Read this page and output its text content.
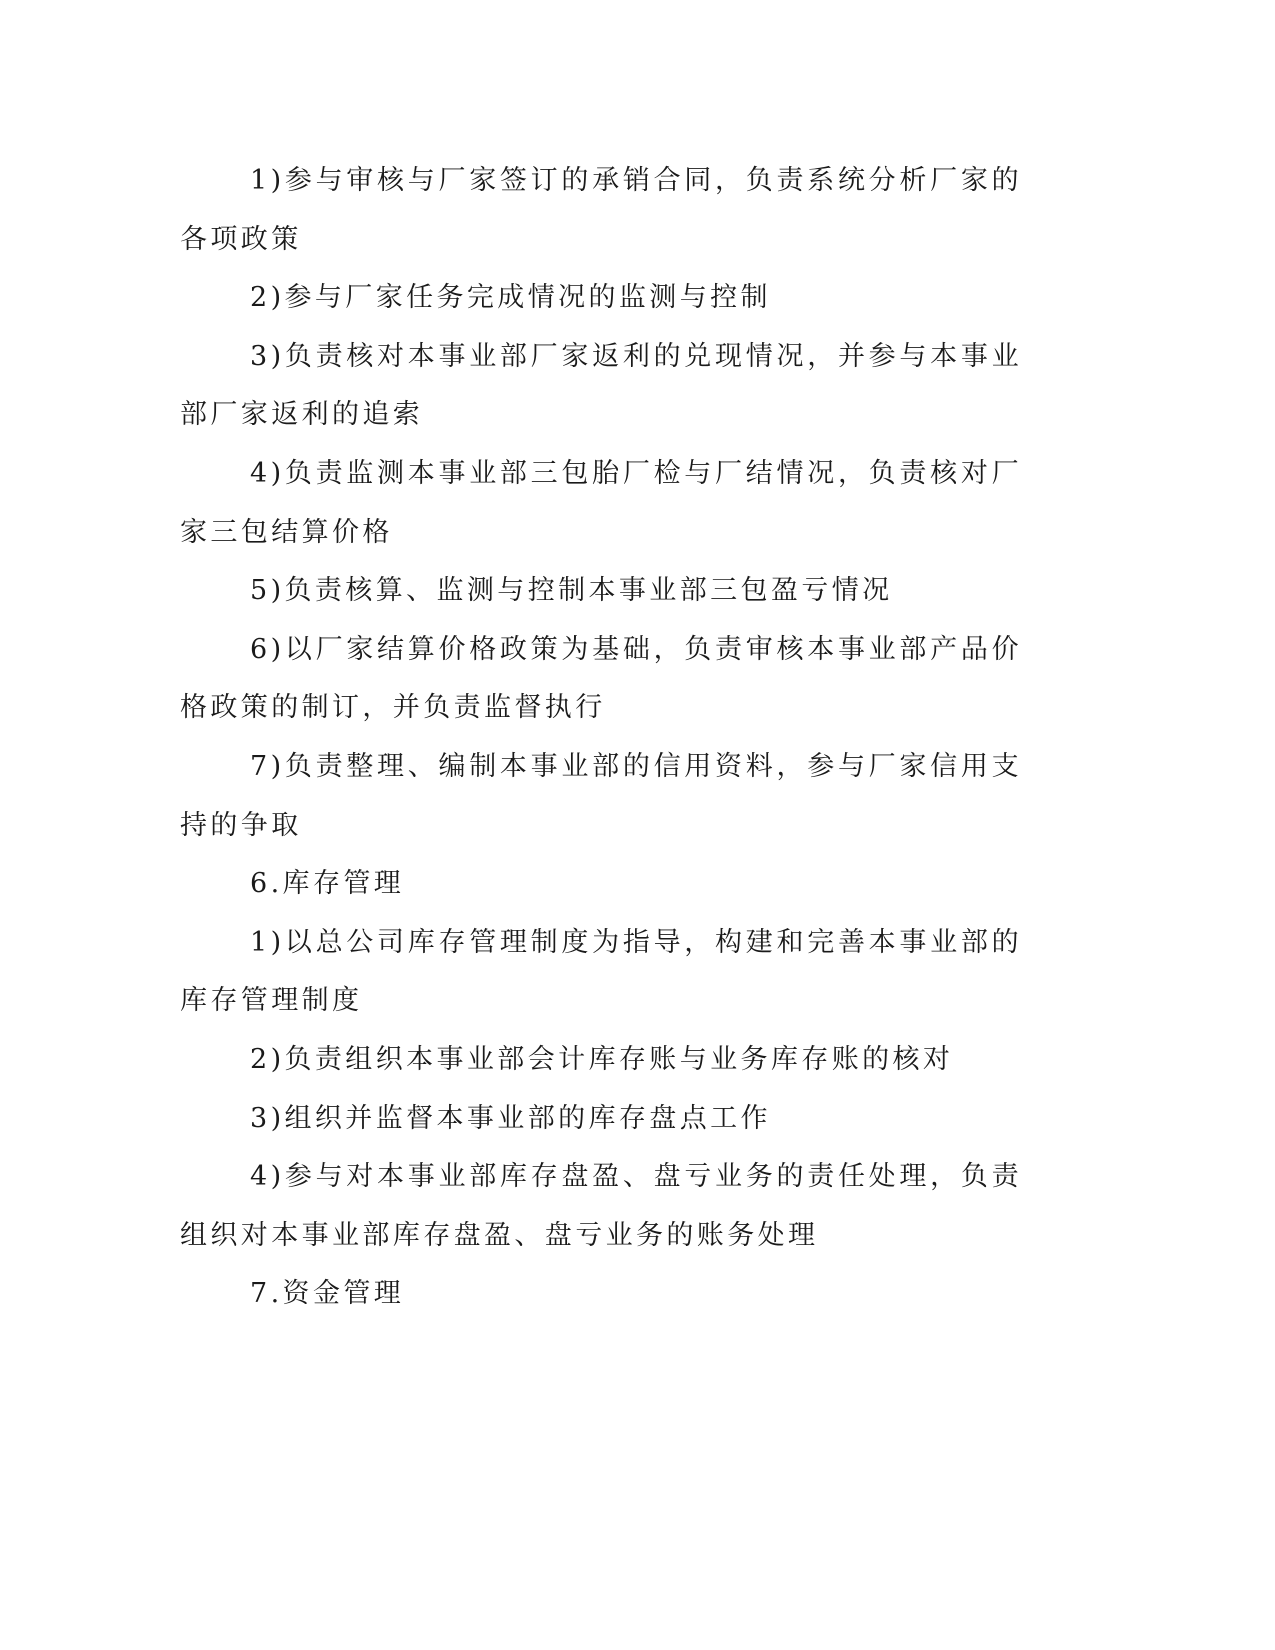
1)参与审核与厂家签订的承销合同，负责系统分析厂家的各项政策

2)参与厂家任务完成情况的监测与控制

3)负责核对本事业部厂家返利的兑现情况，并参与本事业部厂家返利的追索

4)负责监测本事业部三包胎厂检与厂结情况，负责核对厂家三包结算价格

5)负责核算、监测与控制本事业部三包盈亏情况

6)以厂家结算价格政策为基础，负责审核本事业部产品价格政策的制订，并负责监督执行

7)负责整理、编制本事业部的信用资料，参与厂家信用支持的争取

6.库存管理

1)以总公司库存管理制度为指导，构建和完善本事业部的库存管理制度

2)负责组织本事业部会计库存账与业务库存账的核对

3)组织并监督本事业部的库存盘点工作

4)参与对本事业部库存盘盈、盘亏业务的责任处理，负责组织对本事业部库存盘盈、盘亏业务的账务处理

7.资金管理
